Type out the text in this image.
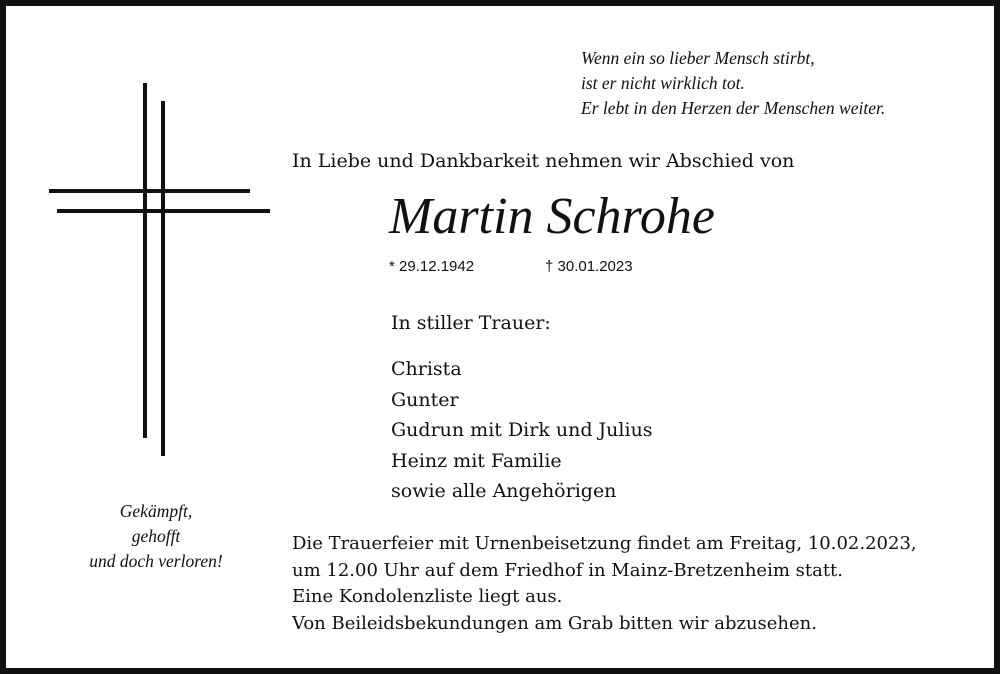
Wenn ein so lieber Mensch stirbt,
ist er nicht wirklich tot.
Er lebt in den Herzen der Menschen weiter.
In Liebe und Dankbarkeit nehmen wir Abschied von
Martin Schrohe
* 29.12.1942	† 30.01.2023
In stiller Trauer:
Christa
Gunter
Gudrun mit Dirk und Julius
Heinz mit Familie
sowie alle Angehörigen
Gekämpft,
gehofft
und doch verloren!
Die Trauerfeier mit Urnenbeisetzung findet am Freitag, 10.02.2023,
um 12.00 Uhr auf dem Friedhof in Mainz-Bretzenheim statt.
Eine Kondolenzliste liegt aus.
Von Beileidsbekundungen am Grab bitten wir abzusehen.
